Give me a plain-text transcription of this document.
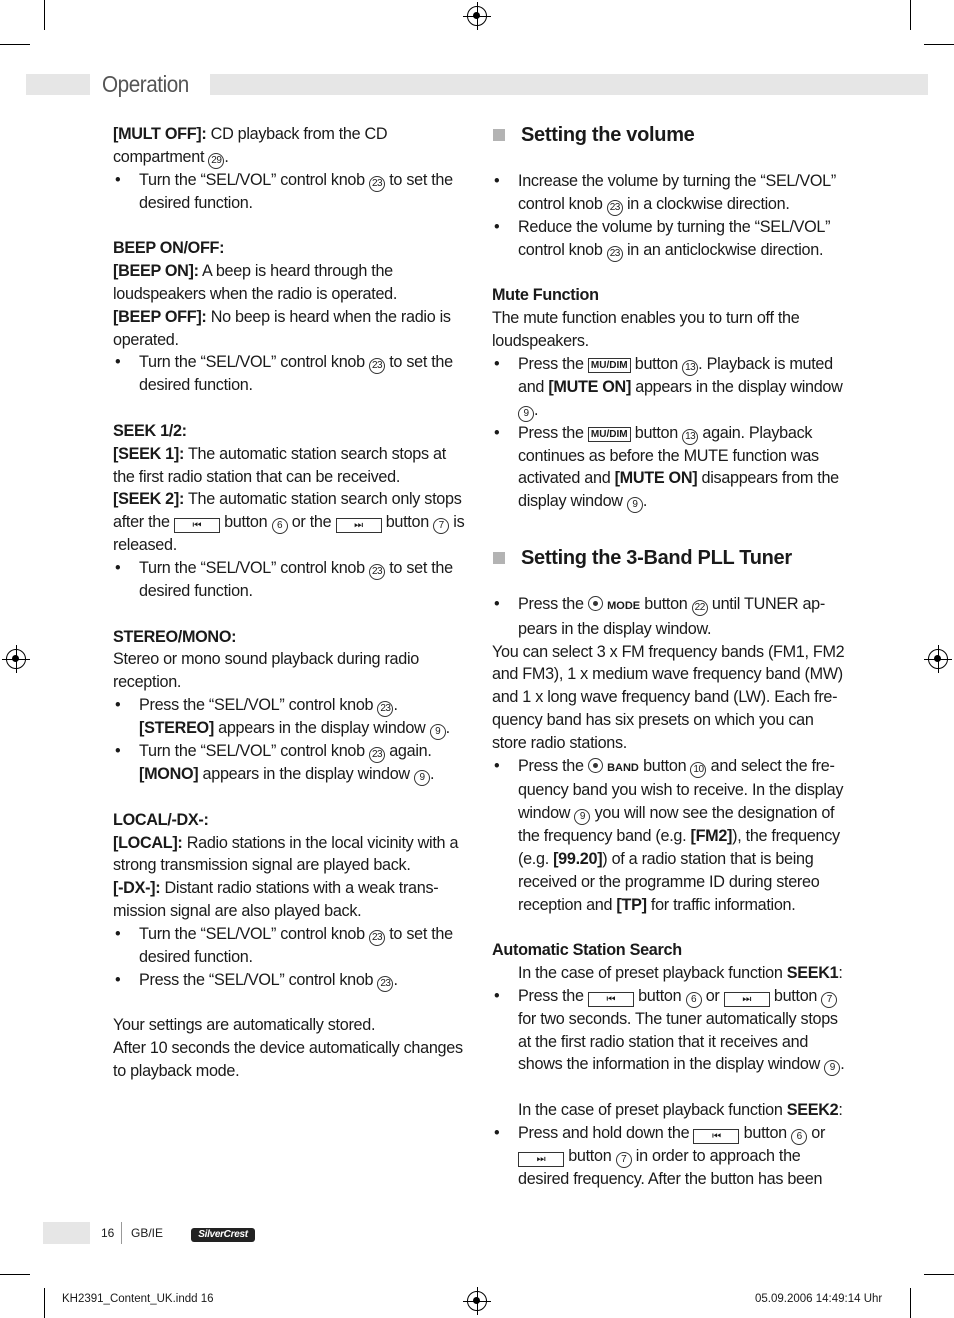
Operation

[MULT OFF]: CD playback from the CD compartment 29 .

• Turn the “SEL/VOL” control knob 23 to set the desired function.

BEEP ON/OFF:

[BEEP ON]: A beep is heard through the loudspeakers when the radio is operated.

[BEEP OFF]: No beep is heard when the radio is operated.

• Turn the “SEL/VOL” control knob 23 to set the desired function.

SEEK 1/2:

[SEEK 1]: The automatic station search stops at the first radio station that can be received.

[SEEK 2]: The automatic station search only stops after the ⏮ button 6 or the ⏭ button 7 is released.

• Turn the “SEL/VOL” control knob 23 to set the desired function.

STEREO/MONO:

Stereo or mono sound playback during radio reception.

• Press the “SEL/VOL” control knob 23 .
[STEREO] appears in the display window 9 .

• Turn the “SEL/VOL” control knob 23 again.
[MONO] appears in the display window 9 .

LOCAL/-DX-:

[LOCAL]: Radio stations in the local vicinity with a strong transmission signal are played back.

[-DX-]: Distant radio stations with a weak transmission signal are also played back.

• Turn the “SEL/VOL” control knob 23 to set the desired function.

• Press the “SEL/VOL” control knob 23 .

Your settings are automatically stored.

After 10 seconds the device automatically changes to playback mode.

Setting the volume

• Increase the volume by turning the “SEL/VOL” control knob 23 in a clockwise direction.

• Reduce the volume by turning the “SEL/VOL” control knob 23 in an anticlockwise direction.

Mute Function

The mute function enables you to turn off the loudspeakers.

• Press the MU/DIM button 13 . Playback is muted and [MUTE ON] appears in the display window 9 .

• Press the MU/DIM button 13 again. Playback continues as before the MUTE function was activated and [MUTE ON] disappears from the display window 9 .

Setting the 3-Band PLL Tuner

• Press the  MODE button 22 until TUNER appears in the display window.

You can select 3 x FM frequency bands (FM1, FM2 and FM3), 1 x medium wave frequency band (MW) and 1 x long wave frequency band (LW). Each frequency band has six presets on which you can store radio stations.

• Press the  BAND button 10 and select the frequency band you wish to receive. In the display window 9 you will now see the designation of the frequency band (e.g. [FM2]), the frequency (e.g. [99.20]) of a radio station that is being received or the programme ID during stereo reception and [TP] for traffic information.

Automatic Station Search

In the case of preset playback function SEEK1:

• Press the ⏮ button 6 or ⏭ button 7 for two seconds. The tuner automatically stops at the first radio station that it receives and shows the information in the display window 9 .

In the case of preset playback function SEEK2:

• Press and hold down the ⏮ button 6 or
⏭ button 7 in order to approach the desired frequency. After the button has been

16 GB/IE	SilverCrest
KH2391_Content_UK.indd 16	05.09.2006 14:49:14 Uhr
